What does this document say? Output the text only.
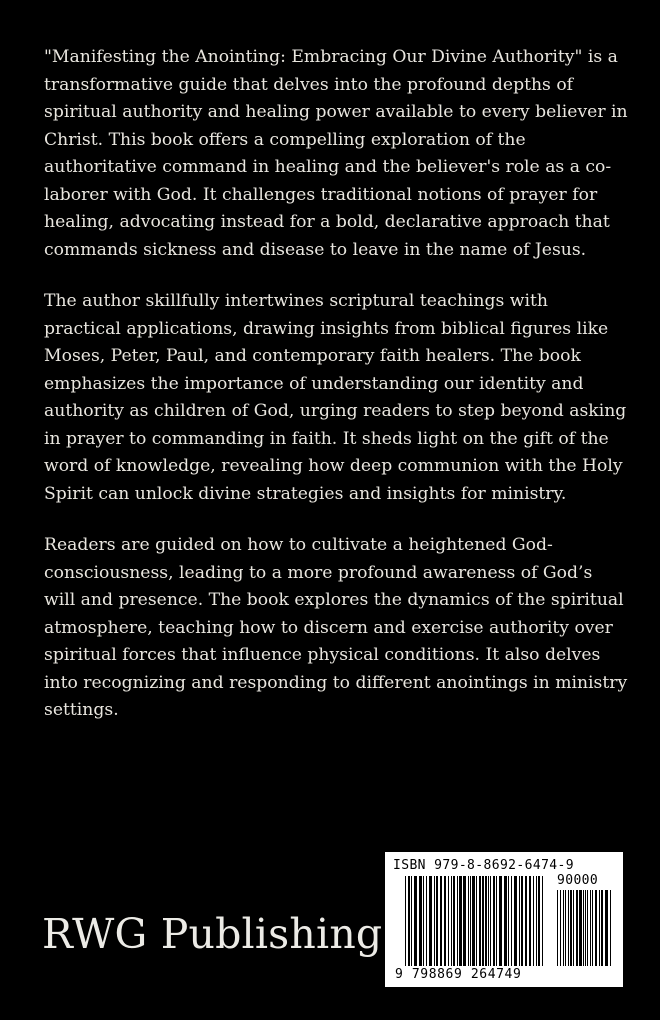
"Manifesting the Anointing: Embracing Our Divine Authority" is a transformative guide that delves into the profound depths of spiritual authority and healing power available to every believer in Christ. This book offers a compelling exploration of the authoritative command in healing and the believer's role as a co-laborer with God. It challenges traditional notions of prayer for healing, advocating instead for a bold, declarative approach that commands sickness and disease to leave in the name of Jesus.

The author skillfully intertwines scriptural teachings with practical applications, drawing insights from biblical figures like Moses, Peter, Paul, and contemporary faith healers. The book emphasizes the importance of understanding our identity and authority as children of God, urging readers to step beyond asking in prayer to commanding in faith. It sheds light on the gift of the word of knowledge, revealing how deep communion with the Holy Spirit can unlock divine strategies and insights for ministry.

Readers are guided on how to cultivate a heightened God-consciousness, leading to a more profound awareness of God’s will and presence. The book explores the dynamics of the spiritual atmosphere, teaching how to discern and exercise authority over spiritual forces that influence physical conditions. It also delves into recognizing and responding to different anointings in ministry settings.

RWG Publishing
ISBN 979-8-8692-6474-9
90000
9 798869 264749
